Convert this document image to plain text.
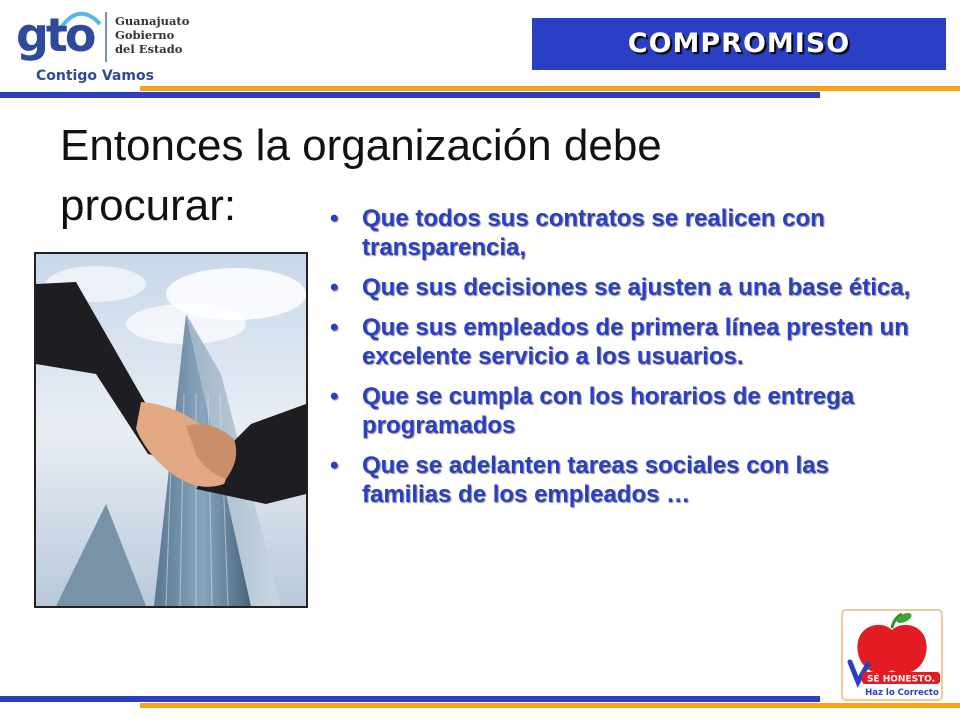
gto Guanajuato
Gobierno
del Estado
Contigo Vamos
COMPROMISO
Entonces la organización debe procurar:	• Que todos sus contratos se realicen con transparencia,
• Que sus decisiones se ajusten a una base ética,
• Que sus empleados de primera línea presten un excelente servicio a los usuarios.
• Que se cumpla con los horarios de entrega programados
• Que se adelanten tareas sociales con las familias de los empleados …
SÉ HONESTO.
Haz lo Correcto
